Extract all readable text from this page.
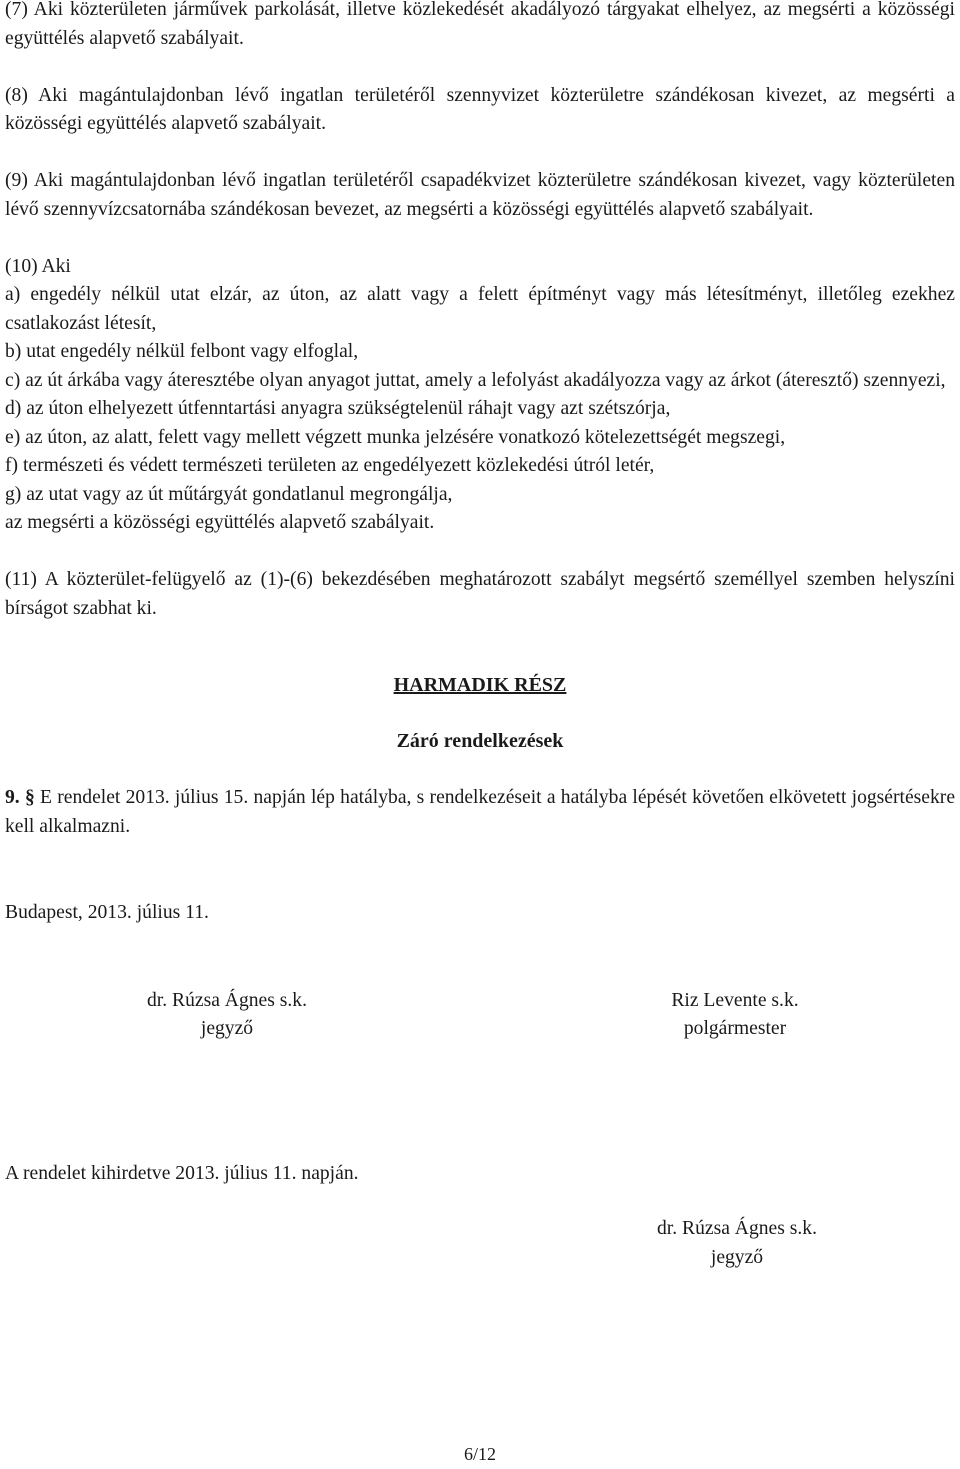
(7) Aki közterületen járművek parkolását, illetve közlekedését akadályozó tárgyakat elhelyez, az megsérti a közösségi együttélés alapvető szabályait.

(8) Aki magántulajdonban lévő ingatlan területéről szennyvizet közterületre szándékosan kivezet, az megsérti a közösségi együttélés alapvető szabályait.

(9) Aki magántulajdonban lévő ingatlan területéről csapadékvizet közterületre szándékosan kivezet, vagy közterületen lévő szennyvízcsatornába szándékosan bevezet, az megsérti a közösségi együttélés alapvető szabályait.

(10) Aki

a) engedély nélkül utat elzár, az úton, az alatt vagy a felett építményt vagy más létesítményt, illetőleg ezekhez csatlakozást létesít,

b) utat engedély nélkül felbont vagy elfoglal,

c) az út árkába vagy áteresztébe olyan anyagot juttat, amely a lefolyást akadályozza vagy az árkot (áteresztő) szennyezi,

d) az úton elhelyezett útfenntartási anyagra szükségtelenül ráhajt vagy azt szétszórja,

e) az úton, az alatt, felett vagy mellett végzett munka jelzésére vonatkozó kötelezettségét megszegi,

f) természeti és védett természeti területen az engedélyezett közlekedési útról letér,

g) az utat vagy az út műtárgyát gondatlanul megrongálja,

az megsérti a közösségi együttélés alapvető szabályait.

(11) A közterület-felügyelő az (1)-(6) bekezdésében meghatározott szabályt megsértő személlyel szemben helyszíni bírságot szabhat ki.

HARMADIK RÉSZ
Záró rendelkezések

9. § E rendelet 2013. július 15. napján lép hatályba, s rendelkezéseit a hatályba lépését követően elkövetett jogsértésekre kell alkalmazni.

Budapest, 2013. július 11.

dr. Rúzsa Ágnes s.k.
jegyző
Riz Levente s.k.
polgármester

A rendelet kihirdetve 2013. július 11. napján.

dr. Rúzsa Ágnes s.k.
jegyző
6/12
